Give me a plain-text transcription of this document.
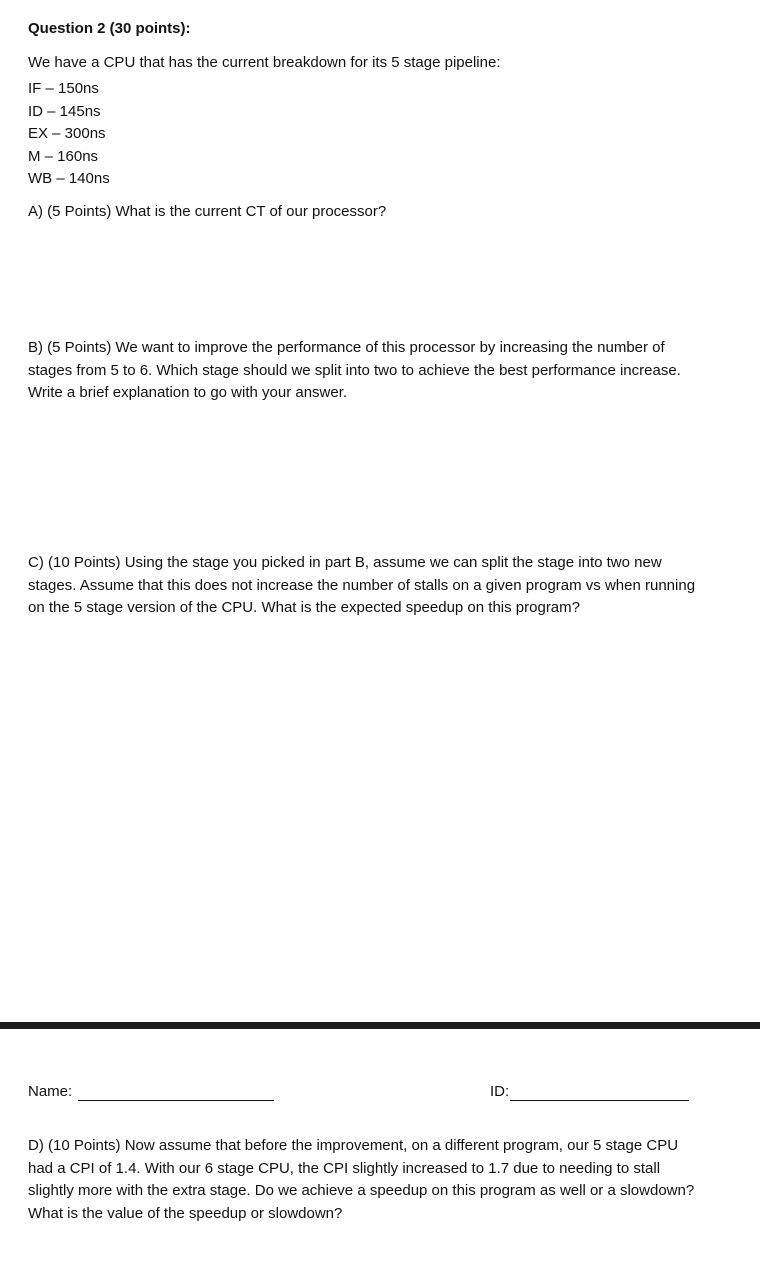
Question 2 (30 points):
We have a CPU that has the current breakdown for its 5 stage pipeline:
IF – 150ns
ID – 145ns
EX – 300ns
M – 160ns
WB – 140ns
A) (5 Points) What is the current CT of our processor?
B) (5 Points) We want to improve the performance of this processor by increasing the number of stages from 5 to 6. Which stage should we split into two to achieve the best performance increase. Write a brief explanation to go with your answer.
C) (10 Points) Using the stage you picked in part B, assume we can split the stage into two new stages. Assume that this does not increase the number of stalls on a given program vs when running on the 5 stage version of the CPU. What is the expected speedup on this program?
Name:	ID:
D) (10 Points) Now assume that before the improvement, on a different program, our 5 stage CPU had a CPI of 1.4. With our 6 stage CPU, the CPI slightly increased to 1.7 due to needing to stall slightly more with the extra stage. Do we achieve a speedup on this program as well or a slowdown? What is the value of the speedup or slowdown?
